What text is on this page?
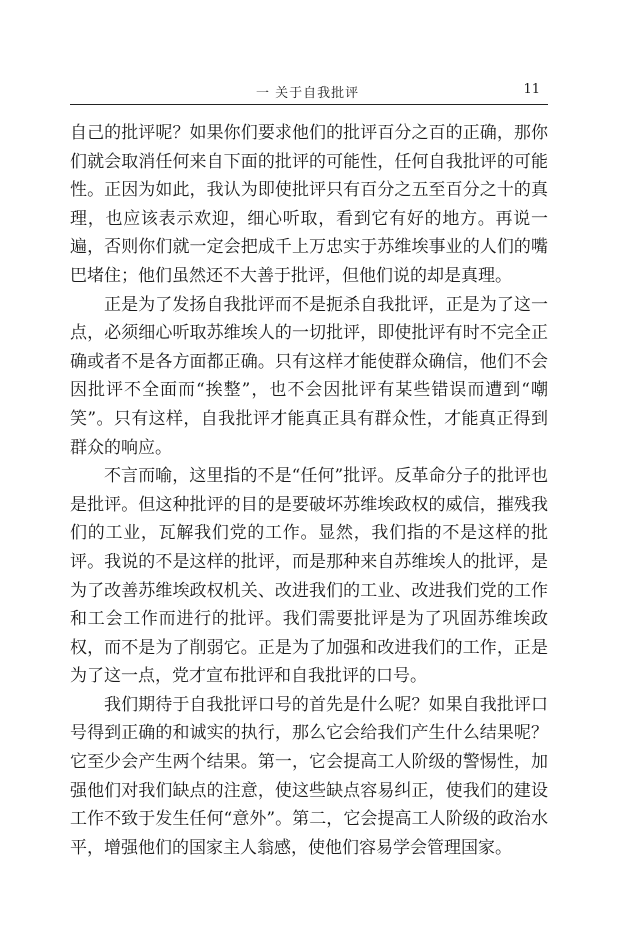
一 关于自我批评	11

自己的批评呢？如果你们要求他们的批评百分之百的正确，那你们就会取消任何来自下面的批评的可能性，任何自我批评的可能性。正因为如此，我认为即使批评只有百分之五至百分之十的真理，也应该表示欢迎，细心听取，看到它有好的地方。再说一遍，否则你们就一定会把成千上万忠实于苏维埃事业的人们的嘴巴堵住；他们虽然还不大善于批评，但他们说的却是真理。

正是为了发扬自我批评而不是扼杀自我批评，正是为了这一点，必须细心听取苏维埃人的一切批评，即使批评有时不完全正确或者不是各方面都正确。只有这样才能使群众确信，他们不会因批评不全面而“挨整”，也不会因批评有某些错误而遭到“嘲笑”。只有这样，自我批评才能真正具有群众性，才能真正得到群众的响应。

不言而喻，这里指的不是“任何”批评。反革命分子的批评也是批评。但这种批评的目的是要破坏苏维埃政权的威信，摧残我们的工业，瓦解我们党的工作。显然，我们指的不是这样的批评。我说的不是这样的批评，而是那种来自苏维埃人的批评，是为了改善苏维埃政权机关、改进我们的工业、改进我们党的工作和工会工作而进行的批评。我们需要批评是为了巩固苏维埃政权，而不是为了削弱它。正是为了加强和改进我们的工作，正是为了这一点，党才宣布批评和自我批评的口号。

我们期待于自我批评口号的首先是什么呢？如果自我批评口号得到正确的和诚实的执行，那么它会给我们产生什么结果呢？它至少会产生两个结果。第一，它会提高工人阶级的警惕性，加强他们对我们缺点的注意，使这些缺点容易纠正，使我们的建设工作不致于发生任何“意外”。第二，它会提高工人阶级的政治水平，增强他们的国家主人翁感，使他们容易学会管理国家。
